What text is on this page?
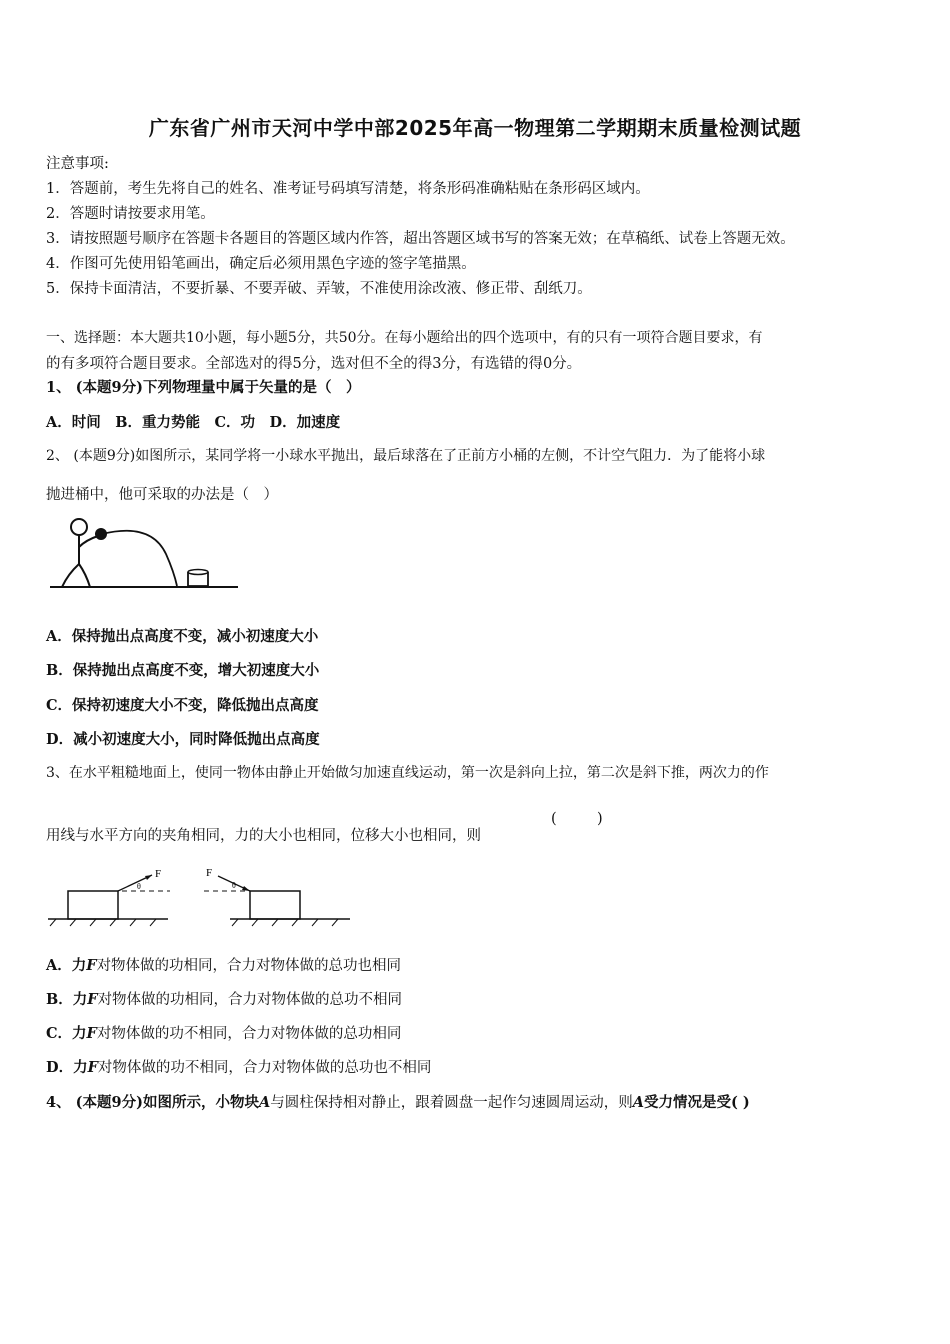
广东省广州市天河中学中部2025年高一物理第二学期期末质量检测试题
注意事项:
1．答题前，考生先将自己的姓名、准考证号码填写清楚，将条形码准确粘贴在条形码区域内。
2．答题时请按要求用笔。
3．请按照题号顺序在答题卡各题目的答题区域内作答，超出答题区域书写的答案无效；在草稿纸、试卷上答题无效。
4．作图可先使用铅笔画出，确定后必须用黑色字迹的签字笔描黑。
5．保持卡面清洁，不要折暴、不要弄破、弄皱，不准使用涂改液、修正带、刮纸刀。
一、选择题：本大题共10小题，每小题5分，共50分。在每小题给出的四个选项中，有的只有一项符合题目要求，有
的有多项符合题目要求。全部选对的得5分，选对但不全的得3分，有选错的得0分。
1、 (本题9分)下列物理量中属于矢量的是（　）
A．时间　B．重力势能　C．功　D．加速度
2、 (本题9分)如图所示，某同学将一小球水平抛出，最后球落在了正前方小桶的左侧，不计空气阻力．为了能将小球
抛进桶中，他可采取的办法是（　）
A．保持抛出点高度不变，减小初速度大小
B．保持抛出点高度不变，增大初速度大小
C．保持初速度大小不变，降低抛出点高度
D．减小初速度大小，同时降低抛出点高度
3、在水平粗糙地面上，使同一物体由静止开始做匀加速直线运动，第一次是斜向上拉，第二次是斜下推，两次力的作
用线与水平方向的夹角相同，力的大小也相同，位移大小也相同，则
(	)
F
θ
F
θ
A．力F对物体做的功相同，合力对物体做的总功也相同
B．力F对物体做的功相同，合力对物体做的总功不相同
C．力F对物体做的功不相同，合力对物体做的总功相同
D．力F对物体做的功不相同，合力对物体做的总功也不相同
4、 (本题9分)如图所示，小物块A与圆柱保持相对静止，跟着圆盘一起作匀速圆周运动，则A受力情况是受( )
